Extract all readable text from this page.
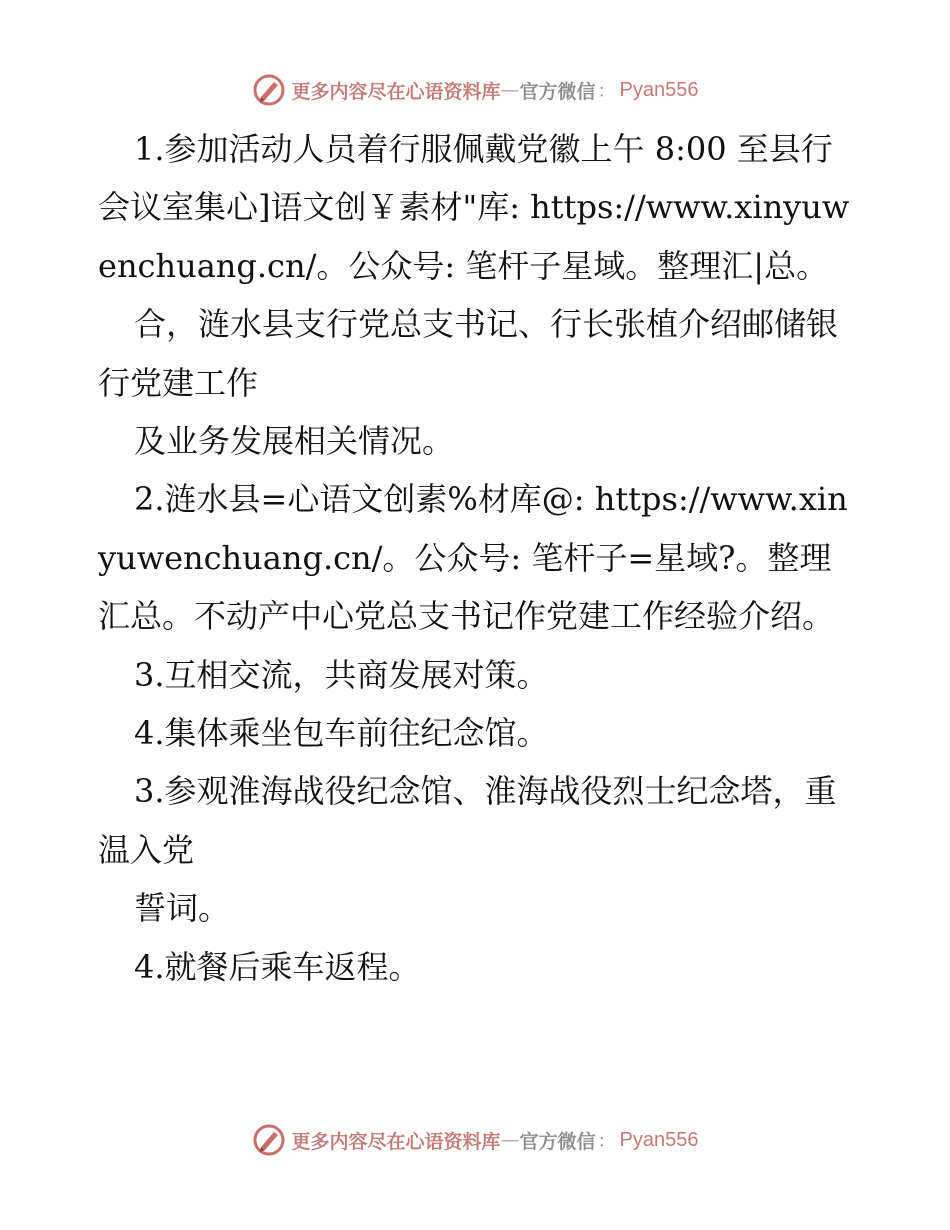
更多内容尽在心语资料库 — 官方微信 ： Pyan556

1.参加活动人员着行服佩戴党徽上午 8:00 至县行会议室集心]语文创￥素材"库: https://www.xinyuwenchuang.cn/。公众号: 笔杆子星域。整理汇|总。

合，涟水县支行党总支书记、行长张植介绍邮储银行党建工作

及业务发展相关情况。

2.涟水县=心语文创素%材库@: https://www.xinyuwenchuang.cn/。公众号: 笔杆子=星域?。整理汇总。不动产中心党总支书记作党建工作经验介绍。

3.互相交流，共商发展对策。

4.集体乘坐包车前往纪念馆。

3.参观淮海战役纪念馆、淮海战役烈士纪念塔，重温入党

誓词。

4.就餐后乘车返程。

更多内容尽在心语资料库 — 官方微信 ： Pyan556
